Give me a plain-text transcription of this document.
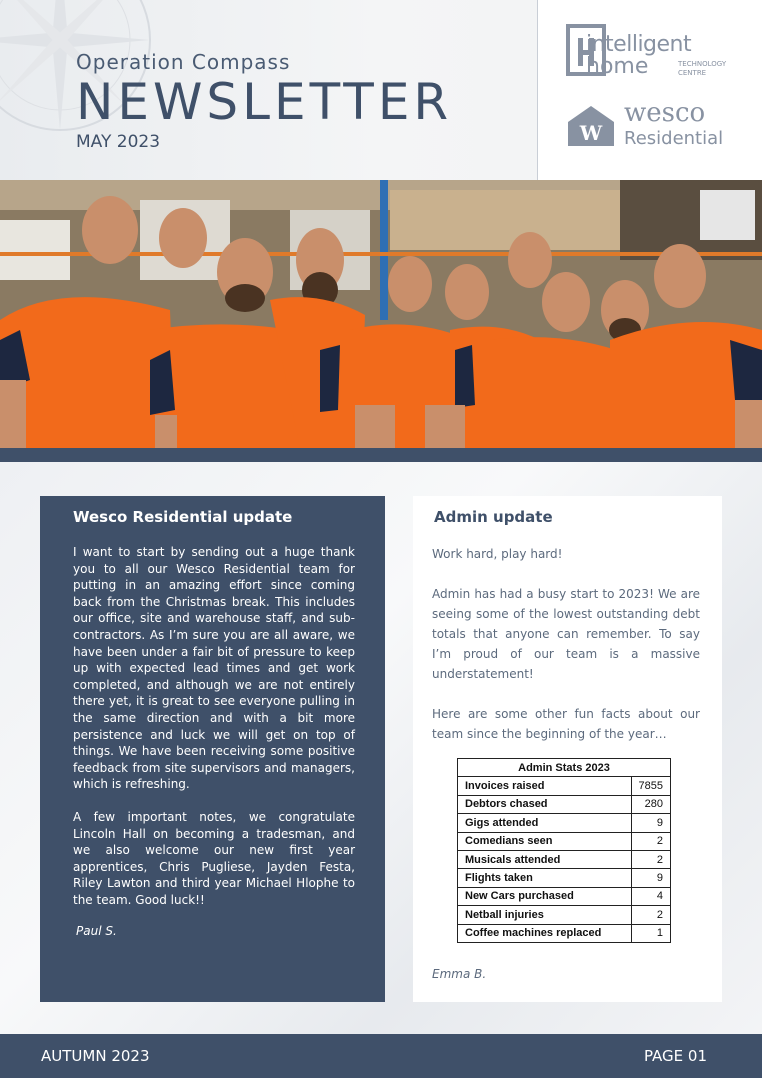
Operation Compass
NEWSLETTER
MAY 2023
intelligent
home	TECHNOLOGY
CENTRE
W
wesco
Residential
Wesco Residential update

I want to start by sending out a huge thank you to all our Wesco Residential team for putting in an amazing effort since coming back from the Christmas break. This includes our office, site and warehouse staff, and sub-contractors. As I’m sure you are all aware, we have been under a fair bit of pressure to keep up with expected lead times and get work completed, and although we are not entirely there yet, it is great to see everyone pulling in the same direction and with a bit more persistence and luck we will get on top of things. We have been receiving some positive feedback from site supervisors and managers, which is refreshing.

A few important notes, we congratulate Lincoln Hall on becoming a tradesman, and we also welcome our new first year apprentices, Chris Pugliese, Jayden Festa, Riley Lawton and third year Michael Hlophe to the team. Good luck!!

Paul S.
Admin update

Work hard, play hard!

Admin has had a busy start to 2023! We are seeing some of the lowest outstanding debt totals that anyone can remember. To say I’m proud of our team is a massive understatement!

Here are some other fun facts about our team since the beginning of the year…

Admin Stats 2023	
Invoices raised	7855
Debtors chased	280
Gigs attended	9
Comedians seen	2
Musicals attended	2
Flights taken	9
New Cars purchased	4
Netball injuries	2
Coffee machines replaced	1
Emma B.
AUTUMN 2023	PAGE 01
